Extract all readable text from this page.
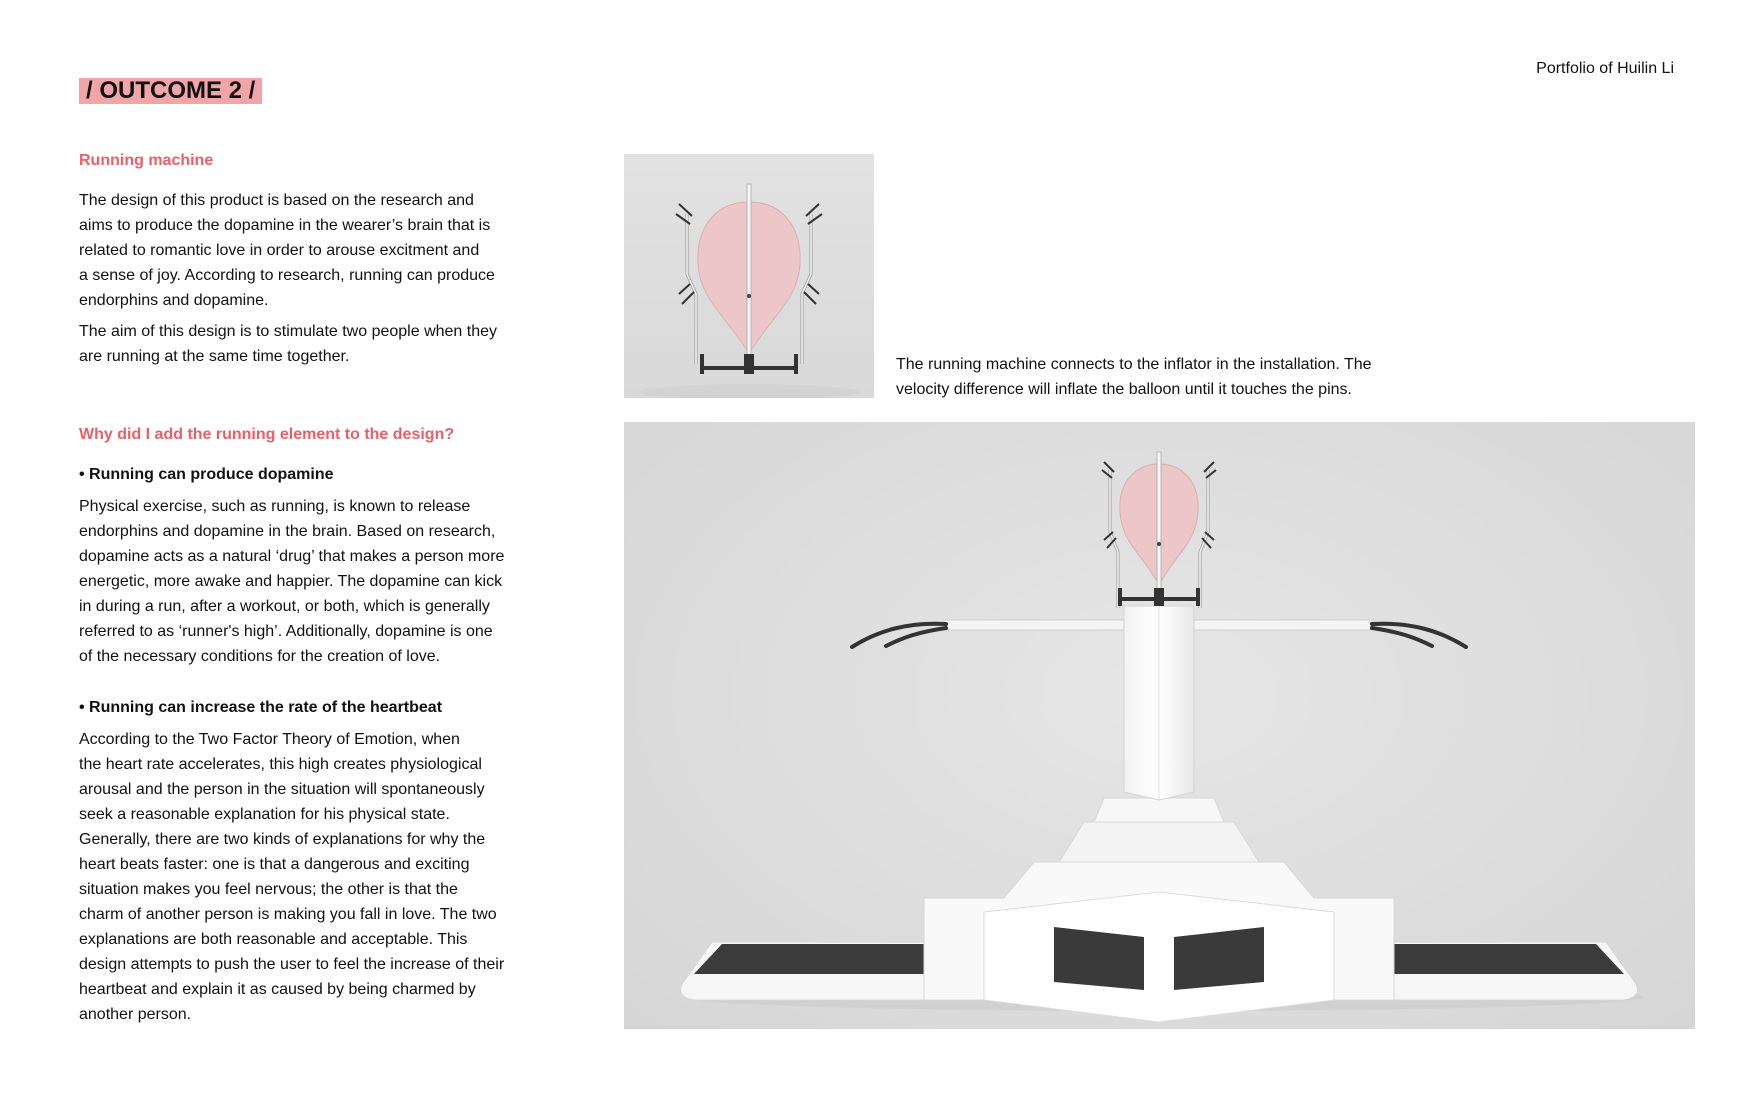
Portfolio of Huilin Li
/ OUTCOME 2 /

Running machine

The design of this product is based on the research and
aims to produce the dopamine in the wearer’s brain that is
related to romantic love in order to arouse excitment and
a sense of joy. According to research, running can produce
endorphins and dopamine.

The aim of this design is to stimulate two people when they
are running at the same time together.

Why did I add the running element to the design?

• Running can produce dopamine

Physical exercise, such as running, is known to release
endorphins and dopamine in the brain. Based on research,
dopamine acts as a natural ‘drug’ that makes a person more
energetic, more awake and happier. The dopamine can kick
in during a run, after a workout, or both, which is generally
referred to as ‘runner's high’. Additionally, dopamine is one
of the necessary conditions for the creation of love.

• Running can increase the rate of the heartbeat

According to the Two Factor Theory of Emotion, when
the heart rate accelerates, this high creates physiological
arousal and the person in the situation will spontaneously
seek a reasonable explanation for his physical state.
Generally, there are two kinds of explanations for why the
heart beats faster: one is that a dangerous and exciting
situation makes you feel nervous; the other is that the
charm of another person is making you fall in love. The two
explanations are both reasonable and acceptable. This
design attempts to push the user to feel the increase of their
heartbeat and explain it as caused by being charmed by
another person.

The running machine connects to the inflator in the installation. The
velocity difference will inflate the balloon until it touches the pins.
